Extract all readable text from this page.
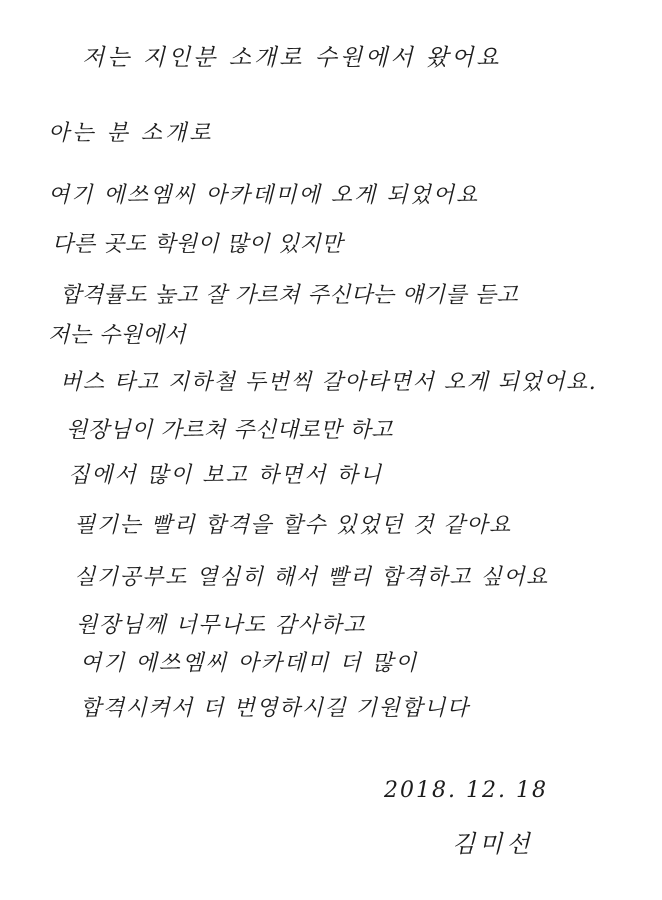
저는 지인분 소개로 수원에서 왔어요
아는 분 소개로
여기 에쓰엠씨 아카데미에 오게 되었어요
다른 곳도 학원이 많이 있지만
합격률도 높고 잘 가르쳐 주신다는 얘기를 듣고
저는 수원에서
버스 타고 지하철 두번씩 갈아타면서 오게 되었어요.
원장님이 가르쳐 주신대로만 하고
집에서 많이 보고 하면서 하니
필기는 빨리 합격을 할수 있었던 것 같아요
실기공부도 열심히 해서 빨리 합격하고 싶어요
원장님께 너무나도 감사하고
여기 에쓰엠씨 아카데미 더 많이
합격시켜서 더 번영하시길 기원합니다
2018. 12. 18
김미선
